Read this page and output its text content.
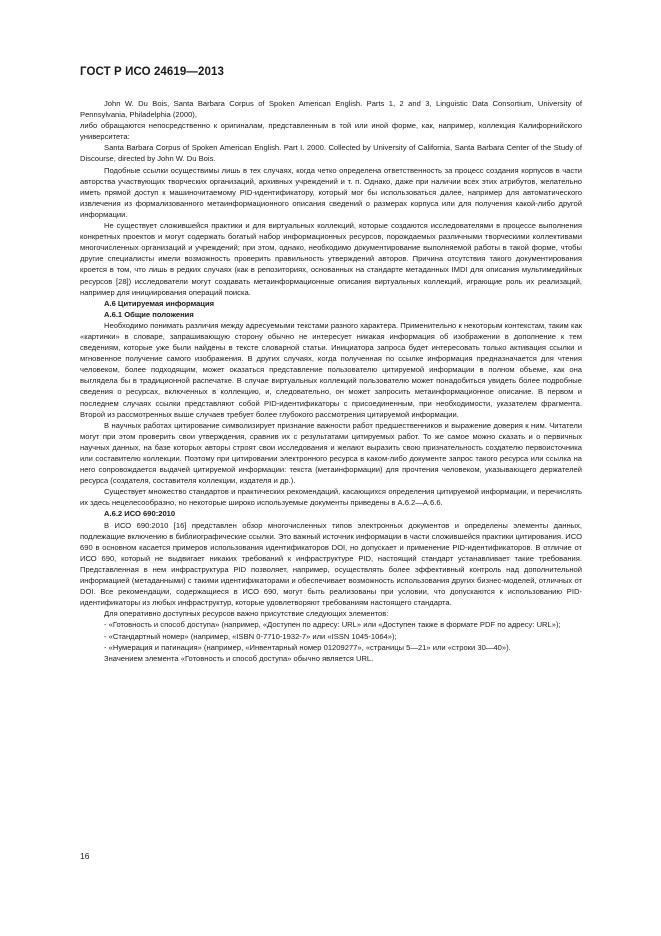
ГОСТ Р ИСО 24619—2013

John W. Du Bois, Santa Barbara Corpus of Spoken American English. Parts 1, 2 and 3, Linguistic Data Consortium, University of Pennsylvania, Philadelphia (2000),

либо обращаются непосредственно к оригиналам, представленным в той или иной форме, как, например, коллекция Калифорнийского университета:

Santa Barbara Corpus of Spoken American English. Part I. 2000. Collected by University of California, Santa Barbara Center of the Study of Discourse, directed by John W. Du Bois.

Подобные ссылки осуществимы лишь в тех случаях, когда четко определена ответственность за процесс создания корпусов в части авторства участвующих творческих организаций, архивных учреждений и т. п. Однако, даже при наличии всех этих атрибутов, желательно иметь прямой доступ к машиночитаемому PID-идентификатору, который мог бы использоваться далее, например для автоматического извлечения из формализованного метаинформационного описания сведений о размерах корпуса или для получения какой-либо другой информации.

Не существует сложившейся практики и для виртуальных коллекций, которые создаются исследователями в процессе выполнения конкретных проектов и могут содержать богатый набор информационных ресурсов, порождаемых различными творческими коллективами многочисленных организаций и учреждений; при этом, однако, необходимо документирование выполняемой работы в такой форме, чтобы другие специалисты имели возможность проверить правильность утверждений авторов. Причина отсутствия такого документирования кроется в том, что лишь в редких случаях (как в репозиториях, основанных на стандарте метаданных IMDI для описания мультимедийных ресурсов [28]) исследователи могут создавать метаинформационные описания виртуальных коллекций, играющие роль их реализаций, например для инициирования операций поиска.

А.6 Цитируемая информация

А.6.1 Общие положения

Необходимо понимать различия между адресуемыми текстами разного характера. Применительно к некоторым контекстам, таким как «картинки» в словаре, запрашивающую сторону обычно не интересует никакая информация об изображении в дополнение к тем сведениям, которые уже были найдены в тексте словарной статьи. Инициатора запроса будет интересовать только активация ссылки и мгновенное получение самого изображения. В других случаях, когда полученная по ссылке информация предназначается для чтения человеком, более подходящим, может оказаться представление пользователю цитируемой информации в полном объеме, как она выглядела бы в традиционной распечатке. В случае виртуальных коллекций пользователю может понадобиться увидеть более подробные сведения о ресурсах, включенных в коллекцию, и, следовательно, он может запросить метаинформационное описание. В первом и последнем случаях ссылки представляют собой PID-идентификаторы с присоединенным, при необходимости, указателем фрагмента. Второй из рассмотренных выше случаев требует более глубокого рассмотрения цитируемой информации.

В научных работах цитирование символизирует признание важности работ предшественников и выражение доверия к ним. Читатели могут при этом проверить свои утверждения, сравнив их с результатами цитируемых работ. То же самое можно сказать и о первичных научных данных, на базе которых авторы строят свои исследования и желают выразить свою признательность создателю первоисточника или составителю коллекции. Поэтому при цитировании электронного ресурса в каком-либо документе запрос такого ресурса или ссылка на него сопровождается выдачей цитируемой информации: текста (метаинформации) для прочтения человеком, указывающего держателей ресурса (создателя, составителя коллекции, издателя и др.).

Существует множество стандартов и практических рекомендаций, касающихся определения цитируемой информации, и перечислять их здесь нецелесообразно, но некоторые широко используемые документы приведены в А.6.2—А.6.6.

А.6.2 ИСО 690:2010

В ИСО 690:2010 [16] представлен обзор многочисленных типов электронных документов и определены элементы данных, подлежащие включению в библиографические ссылки. Это важный источник информации в части сложившейся практики цитирования. ИСО 690 в основном касается примеров использования идентификаторов DOI, но допускает и применение PID-идентификаторов. В отличие от ИСО 690, который не выдвигает никаких требований к инфраструктуре PID, настоящий стандарт устанавливает такие требования. Представленная в нем инфраструктура PID позволяет, например, осуществлять более эффективный контроль над дополнительной информацией (метаданными) с такими идентификаторами и обеспечивает возможность использования других бизнес-моделей, отличных от DOI. Все рекомендации, содержащиеся в ИСО 690, могут быть реализованы при условии, что допускаются к использованию PID-идентификаторы из любых инфраструктур, которые удовлетворяют требованиям настоящего стандарта.

Для оперативно доступных ресурсов важно присутствие следующих элементов:

- «Готовность и способ доступа» (например, «Доступен по адресу: URL» или «Доступен также в формате PDF по адресу: URL»);

- «Стандартный номер» (например, «ISBN 0-7710-1932-7» или «ISSN 1045-1064»);

- «Нумерация и пагинация» (например, «Инвентарный номер 01209277», «страницы 5—21» или «строки 30—40»).

Значением элемента «Готовность и способ доступа» обычно является URL.

16
